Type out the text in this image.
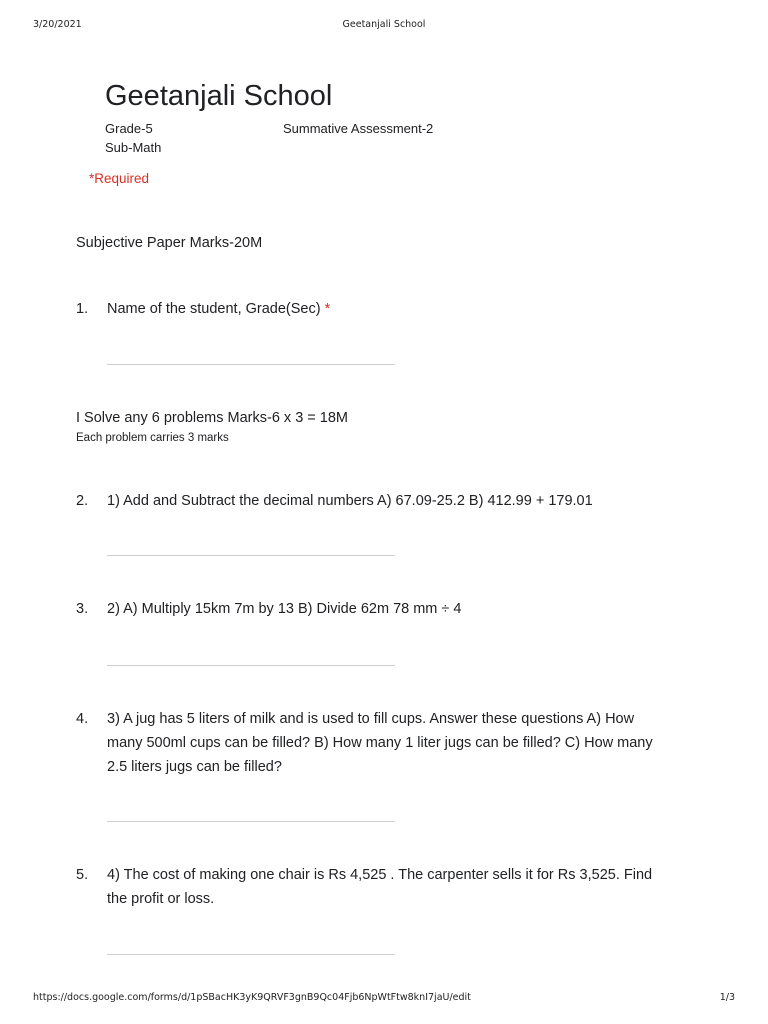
3/20/2021	Geetanjali School
Geetanjali School
Grade-5	Summative Assessment-2
Sub-Math
*Required
Subjective Paper Marks-20M
1. Name of the student, Grade(Sec) *
I Solve any 6 problems Marks-6 x 3 = 18M
Each problem carries 3 marks
2. 1) Add and Subtract the decimal numbers A) 67.09-25.2 B) 412.99 + 179.01
3. 2) A) Multiply 15km 7m by 13 B) Divide 62m 78 mm ÷ 4
4. 3) A jug has 5 liters of milk and is used to fill cups. Answer these questions A) How
many 500ml cups can be filled? B) How many 1 liter jugs can be filled? C) How many
2.5 liters jugs can be filled?
5. 4) The cost of making one chair is Rs 4,525 . The carpenter sells it for Rs 3,525. Find
the profit or loss.
https://docs.google.com/forms/d/1pSBacHK3yK9QRVF3gnB9Qc04Fjb6NpWtFtw8knI7jaU/edit	1/3
